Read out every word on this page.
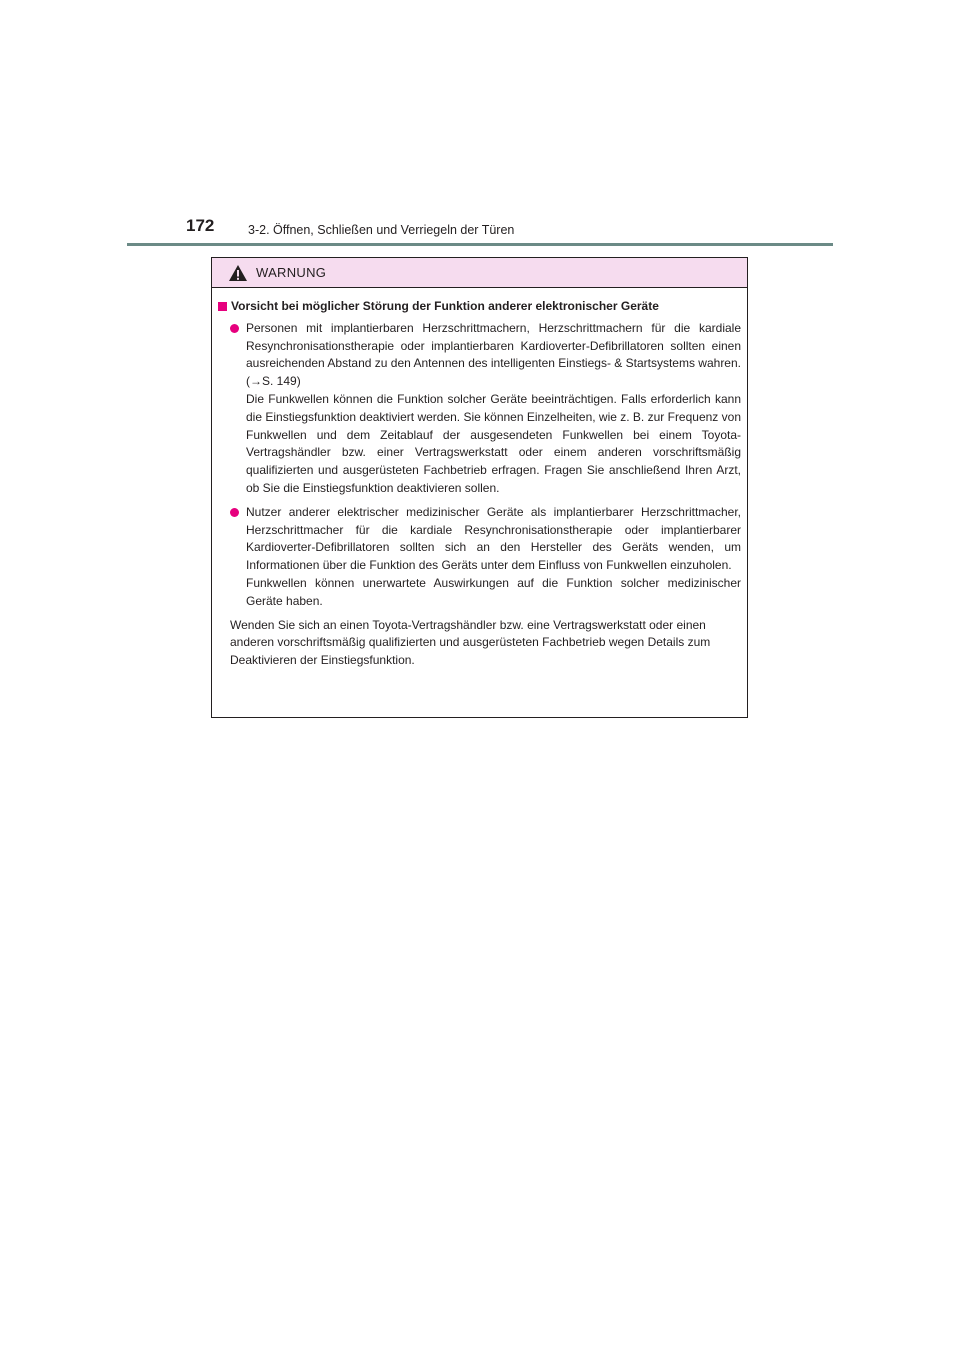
172	3-2. Öffnen, Schließen und Verriegeln der Türen
WARNUNG
Vorsicht bei möglicher Störung der Funktion anderer elektronischer Geräte

Personen mit implantierbaren Herzschrittmachern, Herzschrittmachern für die kardiale Resynchronisationstherapie oder implantierbaren Kardioverter-Defibrillatoren sollten einen ausreichenden Abstand zu den Antennen des intelligenten Einstiegs- & Startsystems wahren. (→S. 149)

Die Funkwellen können die Funktion solcher Geräte beeinträchtigen. Falls erforderlich kann die Einstiegsfunktion deaktiviert werden. Sie können Einzelheiten, wie z. B. zur Frequenz von Funkwellen und dem Zeitablauf der ausgesendeten Funkwellen bei einem Toyota-Vertragshändler bzw. einer Vertragswerkstatt oder einem anderen vorschriftsmäßig qualifizierten und ausgerüsteten Fachbetrieb erfragen. Fragen Sie anschließend Ihren Arzt, ob Sie die Einstiegsfunktion deaktivieren sollen.

Nutzer anderer elektrischer medizinischer Geräte als implantierbarer Herzschrittmacher, Herzschrittmacher für die kardiale Resynchronisationstherapie oder implantierbarer Kardioverter-Defibrillatoren sollten sich an den Hersteller des Geräts wenden, um Informationen über die Funktion des Geräts unter dem Einfluss von Funkwellen einzuholen.

Funkwellen können unerwartete Auswirkungen auf die Funktion solcher medizinischer Geräte haben.

Wenden Sie sich an einen Toyota-Vertragshändler bzw. eine Vertragswerkstatt oder einen anderen vorschriftsmäßig qualifizierten und ausgerüsteten Fachbetrieb wegen Details zum Deaktivieren der Einstiegsfunktion.
